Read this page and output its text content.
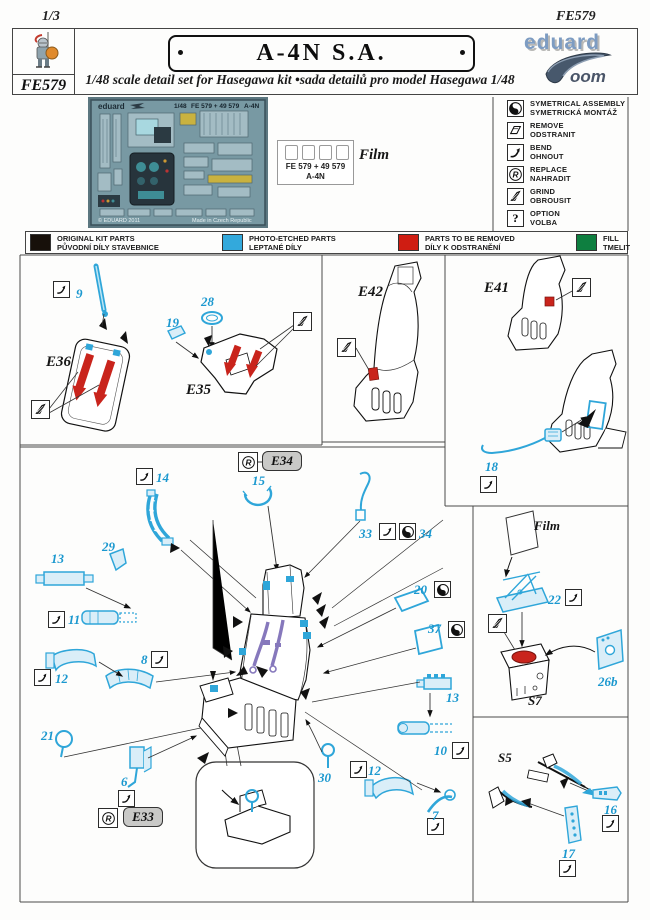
1/3	FE579
FE579
A-4N S.A.
1/48 scale detail set for Hasegawa kit •sada detailů pro model Hasegawa 1/48
eduard
oom
eduard	1/48 FE 579 + 49 579 A-4N
© EDUARD 2011	Made in Czech Republic
FE 579 + 49 579
A-4N
Film
SYMETRICAL ASSEMBLY
SYMETRICKÁ MONTÁŽ
REMOVE
ODSTRANIT
BEND
OHNOUT
R REPLACE
NAHRADIT
GRIND
OBROUSIT
? OPTION
VOLBA
ORIGINAL KIT PARTS
PŮVODNÍ DÍLY STAVEBNICE
PHOTO-ETCHED PARTS
LEPTANÉ DÍLY
PARTS TO BE REMOVED
DÍLY K ODSTRANĚNÍ
FILL
TMELIT
R E34
R E33
9
28
19
E36
E35
E42	E41
18
14	15
29
13
11
8
12
21
6	30
33	34
20
37
13
10
12
7
Film
22
26b
S7
S5
16
17
